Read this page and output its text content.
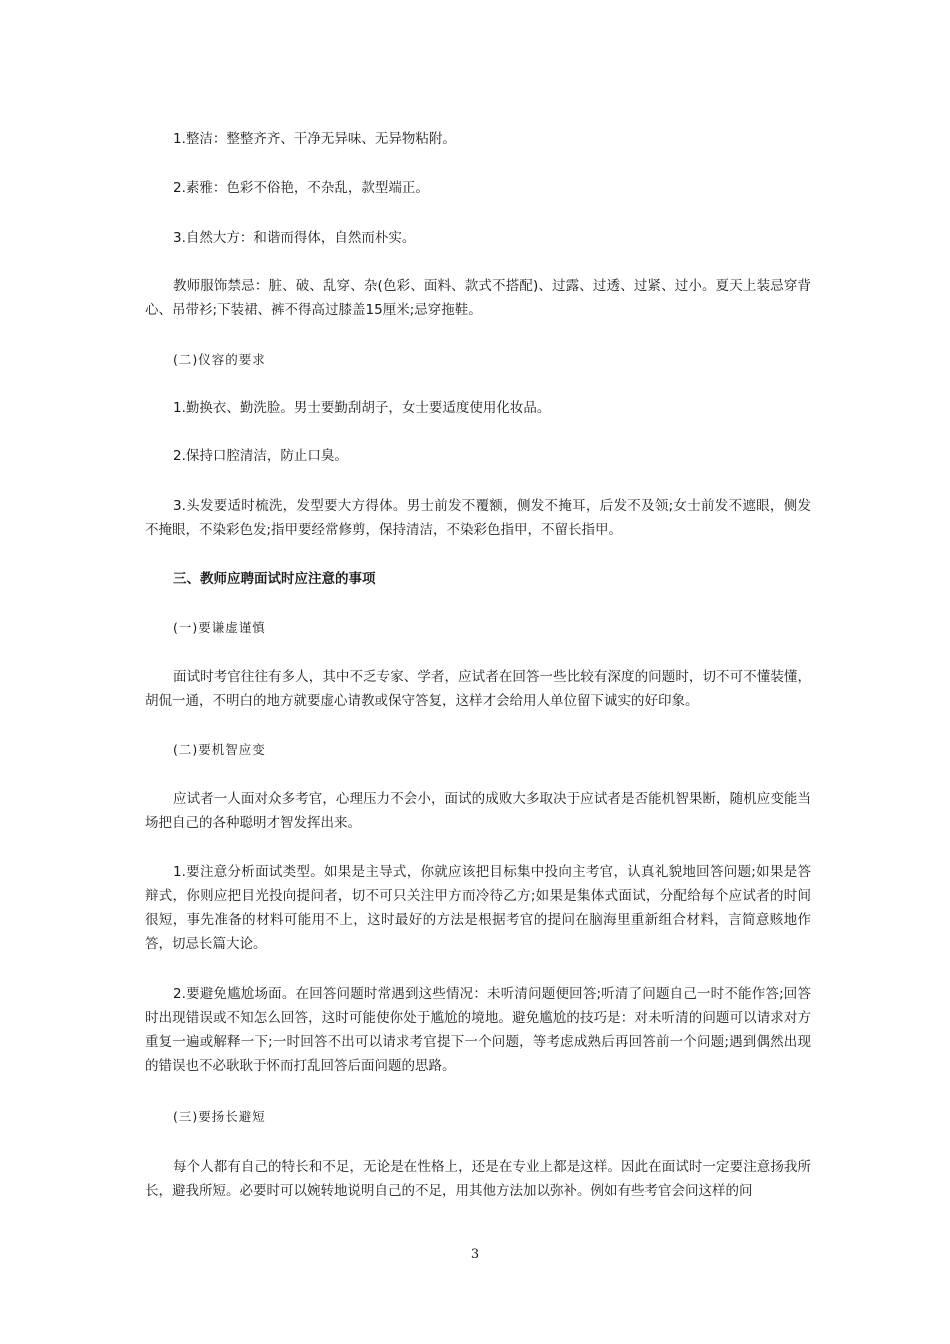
1.整洁：整整齐齐、干净无异味、无异物粘附。

2.素雅：色彩不俗艳，不杂乱，款型端正。

3.自然大方：和谐而得体，自然而朴实。

教师服饰禁忌：脏、破、乱穿、杂(色彩、面料、款式不搭配)、过露、过透、过紧、过小。夏天上装忌穿背心、吊带衫;下装裙、裤不得高过膝盖15厘米;忌穿拖鞋。

(二)仪容的要求

1.勤换衣、勤洗脸。男士要勤刮胡子，女士要适度使用化妆品。

2.保持口腔清洁，防止口臭。

3.头发要适时梳洗，发型要大方得体。男士前发不覆额，侧发不掩耳，后发不及领;女士前发不遮眼，侧发不掩眼，不染彩色发;指甲要经常修剪，保持清洁，不染彩色指甲，不留长指甲。

三、教师应聘面试时应注意的事项

(一)要谦虚谨慎

面试时考官往往有多人，其中不乏专家、学者，应试者在回答一些比较有深度的问题时，切不可不懂装懂，胡侃一通，不明白的地方就要虚心请教或保守答复，这样才会给用人单位留下诚实的好印象。

(二)要机智应变

应试者一人面对众多考官，心理压力不会小，面试的成败大多取决于应试者是否能机智果断，随机应变能当场把自己的各种聪明才智发挥出来。

1.要注意分析面试类型。如果是主导式，你就应该把目标集中投向主考官，认真礼貌地回答问题;如果是答辩式，你则应把目光投向提问者，切不可只关注甲方而冷待乙方;如果是集体式面试，分配给每个应试者的时间很短，事先准备的材料可能用不上，这时最好的方法是根据考官的提问在脑海里重新组合材料，言简意赅地作答，切忌长篇大论。

2.要避免尴尬场面。在回答问题时常遇到这些情况：未听清问题便回答;听清了问题自己一时不能作答;回答时出现错误或不知怎么回答，这时可能使你处于尴尬的境地。避免尴尬的技巧是：对未听清的问题可以请求对方重复一遍或解释一下;一时回答不出可以请求考官提下一个问题，等考虑成熟后再回答前一个问题;遇到偶然出现的错误也不必耿耿于怀而打乱回答后面问题的思路。

(三)要扬长避短

每个人都有自己的特长和不足，无论是在性格上，还是在专业上都是这样。因此在面试时一定要注意扬我所长，避我所短。必要时可以婉转地说明自己的不足，用其他方法加以弥补。例如有些考官会问这样的问

3
